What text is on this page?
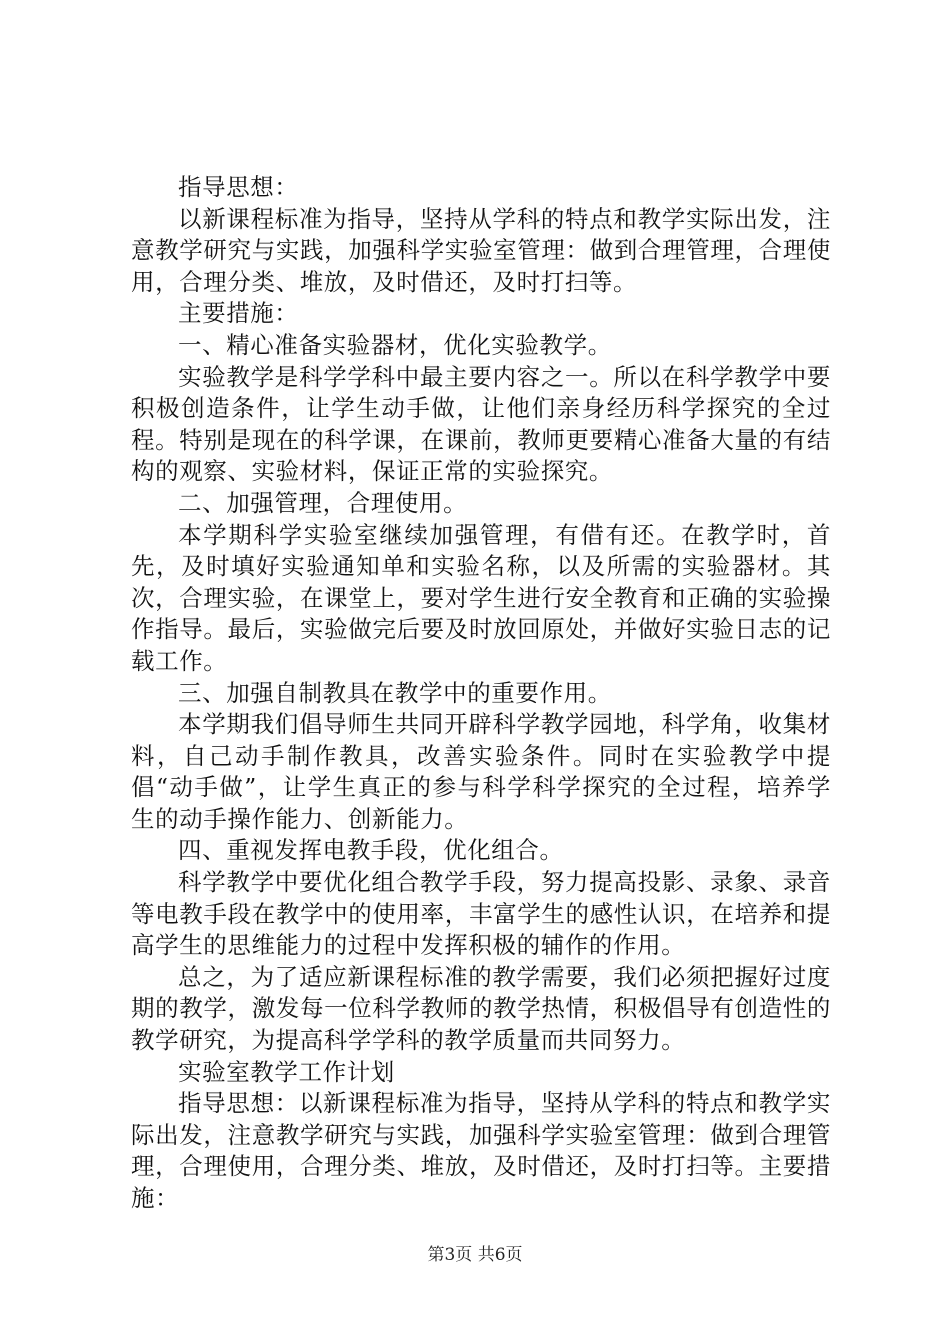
指导思想：

以新课程标准为指导，坚持从学科的特点和教学实际出发，注意教学研究与实践，加强科学实验室管理：做到合理管理，合理使用，合理分类、堆放，及时借还，及时打扫等。

主要措施：

一、精心准备实验器材，优化实验教学。

实验教学是科学学科中最主要内容之一。所以在科学教学中要积极创造条件，让学生动手做，让他们亲身经历科学探究的全过程。特别是现在的科学课，在课前，教师更要精心准备大量的有结构的观察、实验材料，保证正常的实验探究。

二、加强管理，合理使用。

本学期科学实验室继续加强管理，有借有还。在教学时，首先，及时填好实验通知单和实验名称，以及所需的实验器材。其次，合理实验，在课堂上，要对学生进行安全教育和正确的实验操作指导。最后，实验做完后要及时放回原处，并做好实验日志的记载工作。

三、加强自制教具在教学中的重要作用。

本学期我们倡导师生共同开辟科学教学园地，科学角，收集材料，自己动手制作教具，改善实验条件。同时在实验教学中提倡“动手做”，让学生真正的参与科学科学探究的全过程，培养学生的动手操作能力、创新能力。

四、重视发挥电教手段，优化组合。

科学教学中要优化组合教学手段，努力提高投影、录象、录音等电教手段在教学中的使用率，丰富学生的感性认识，在培养和提高学生的思维能力的过程中发挥积极的辅作的作用。

总之，为了适应新课程标准的教学需要，我们必须把握好过度期的教学，激发每一位科学教师的教学热情，积极倡导有创造性的教学研究，为提高科学学科的教学质量而共同努力。

实验室教学工作计划

指导思想：以新课程标准为指导，坚持从学科的特点和教学实际出发，注意教学研究与实践，加强科学实验室管理：做到合理管理，合理使用，合理分类、堆放，及时借还，及时打扫等。主要措施：

第3页 共6页
